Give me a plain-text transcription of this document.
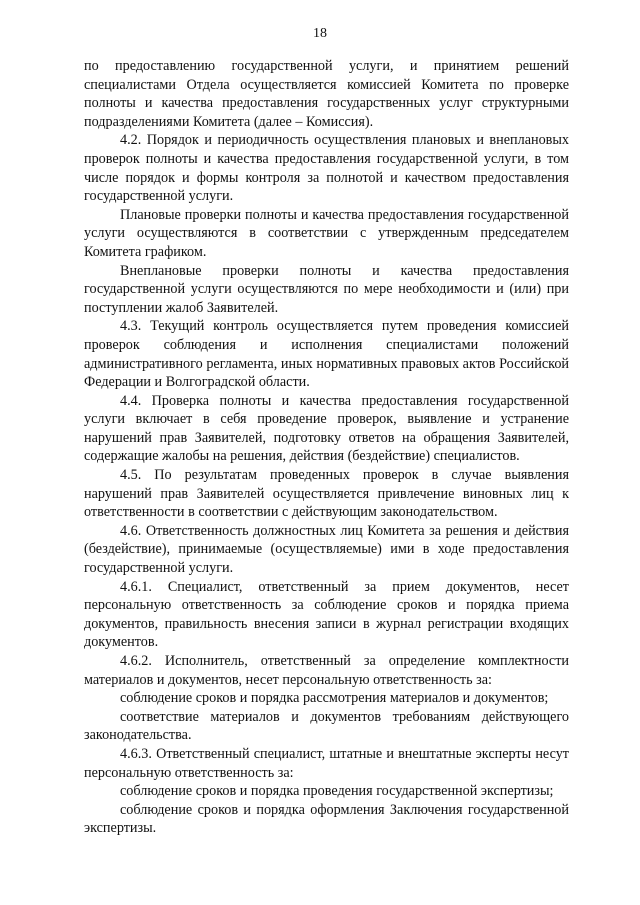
18

по предоставлению государственной услуги, и принятием решений специалистами Отдела осуществляется комиссией Комитета по проверке полноты и качества предоставления государственных услуг структурными подразделениями Комитета (далее – Комиссия).

4.2. Порядок и периодичность осуществления плановых и внеплановых проверок полноты и качества предоставления государственной услуги, в том числе порядок и формы контроля за полнотой и качеством предоставления государственной услуги.

Плановые проверки полноты и качества предоставления государственной услуги осуществляются в соответствии с утвержденным председателем Комитета графиком.

Внеплановые проверки полноты и качества предоставления государственной услуги осуществляются по мере необходимости и (или) при поступлении жалоб Заявителей.

4.3. Текущий контроль осуществляется путем проведения комиссией проверок соблюдения и исполнения специалистами положений административного регламента, иных нормативных правовых актов Российской Федерации и Волгоградской области.

4.4. Проверка полноты и качества предоставления государственной услуги включает в себя проведение проверок, выявление и устранение нарушений прав Заявителей, подготовку ответов на обращения Заявителей, содержащие жалобы на решения, действия (бездействие) специалистов.

4.5. По результатам проведенных проверок в случае выявления нарушений прав Заявителей осуществляется привлечение виновных лиц к ответственности в соответствии с действующим законодательством.

4.6. Ответственность должностных лиц Комитета за решения и действия (бездействие), принимаемые (осуществляемые) ими в ходе предоставления государственной услуги.

4.6.1. Специалист, ответственный за прием документов, несет персональную ответственность за соблюдение сроков и порядка приема документов, правильность внесения записи в журнал регистрации входящих документов.

4.6.2. Исполнитель, ответственный за определение комплектности материалов и документов, несет персональную ответственность за:

соблюдение сроков и порядка рассмотрения материалов и документов;

соответствие материалов и документов требованиям действующего законодательства.

4.6.3. Ответственный специалист, штатные и внештатные эксперты несут персональную ответственность за:

соблюдение сроков и порядка проведения государственной экспертизы;

соблюдение сроков и порядка оформления Заключения государственной экспертизы.
